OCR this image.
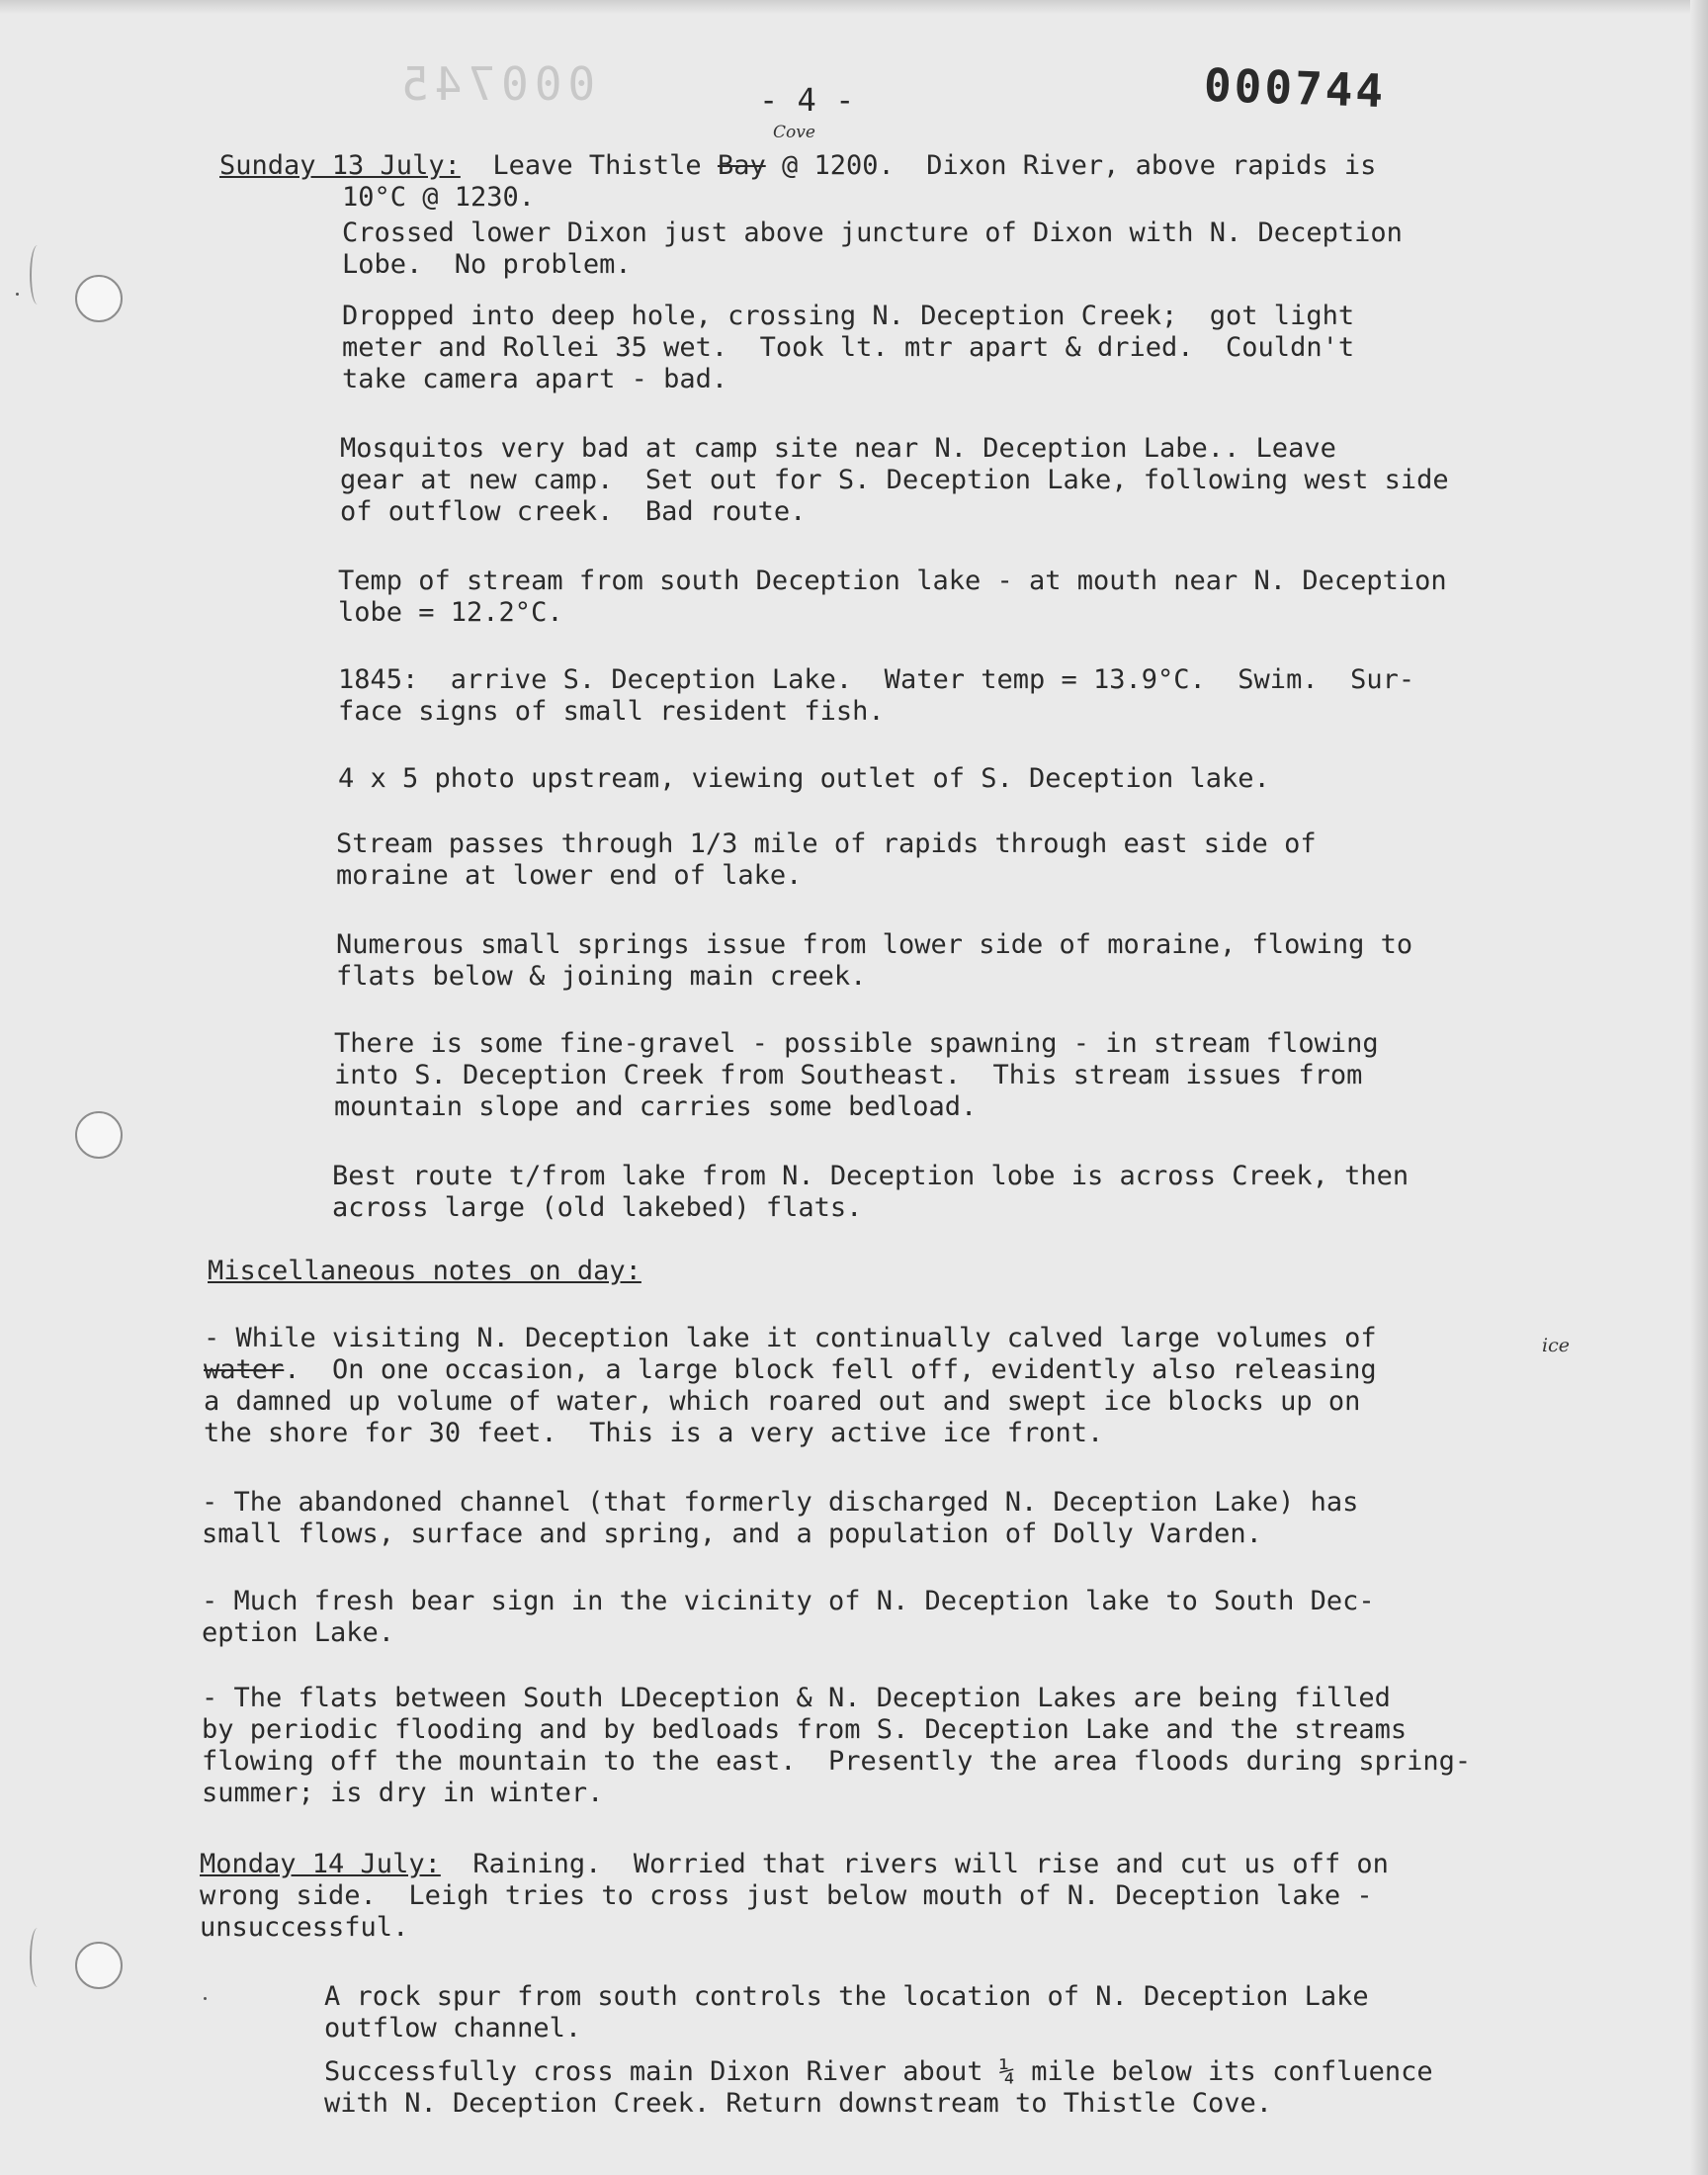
000745	- 4 -	000744
Sunday 13 July:  Leave Thistle Bay @ 1200.  Dixon River, above rapids is
Cove
10°C @ 1230.
Crossed lower Dixon just above juncture of Dixon with N. Deception
Lobe.  No problem.
Dropped into deep hole, crossing N. Deception Creek;  got light
meter and Rollei 35 wet.  Took lt. mtr apart & dried.  Couldn't
take camera apart - bad.
Mosquitos very bad at camp site near N. Deception Labe.. Leave
gear at new camp.  Set out for S. Deception Lake, following west side
of outflow creek.  Bad route.
Temp of stream from south Deception lake - at mouth near N. Deception
lobe = 12.2°C.
1845:  arrive S. Deception Lake.  Water temp = 13.9°C.  Swim.  Sur-
face signs of small resident fish.
4 x 5 photo upstream, viewing outlet of S. Deception lake.
Stream passes through 1/3 mile of rapids through east side of
moraine at lower end of lake.
Numerous small springs issue from lower side of moraine, flowing to
flats below & joining main creek.
There is some fine-gravel - possible spawning - in stream flowing
into S. Deception Creek from Southeast.  This stream issues from
mountain slope and carries some bedload.
Best route t/from lake from N. Deception lobe is across Creek, then
across large (old lakebed) flats.
Miscellaneous notes on day:
- While visiting N. Deception lake it continually calved large volumes of	ice
water.  On one occasion, a large block fell off, evidently also releasing
a damned up volume of water, which roared out and swept ice blocks up on
the shore for 30 feet.  This is a very active ice front.
- The abandoned channel (that formerly discharged N. Deception Lake) has
small flows, surface and spring, and a population of Dolly Varden.
- Much fresh bear sign in the vicinity of N. Deception lake to South Dec-
eption Lake.
- The flats between South LDeception & N. Deception Lakes are being filled
by periodic flooding and by bedloads from S. Deception Lake and the streams
flowing off the mountain to the east.  Presently the area floods during spring-
summer; is dry in winter.
Monday 14 July:  Raining.  Worried that rivers will rise and cut us off on
wrong side.  Leigh tries to cross just below mouth of N. Deception lake -
unsuccessful.
A rock spur from south controls the location of N. Deception Lake
outflow channel.
Successfully cross main Dixon River about ¼ mile below its confluence
with N. Deception Creek. Return downstream to Thistle Cove.
